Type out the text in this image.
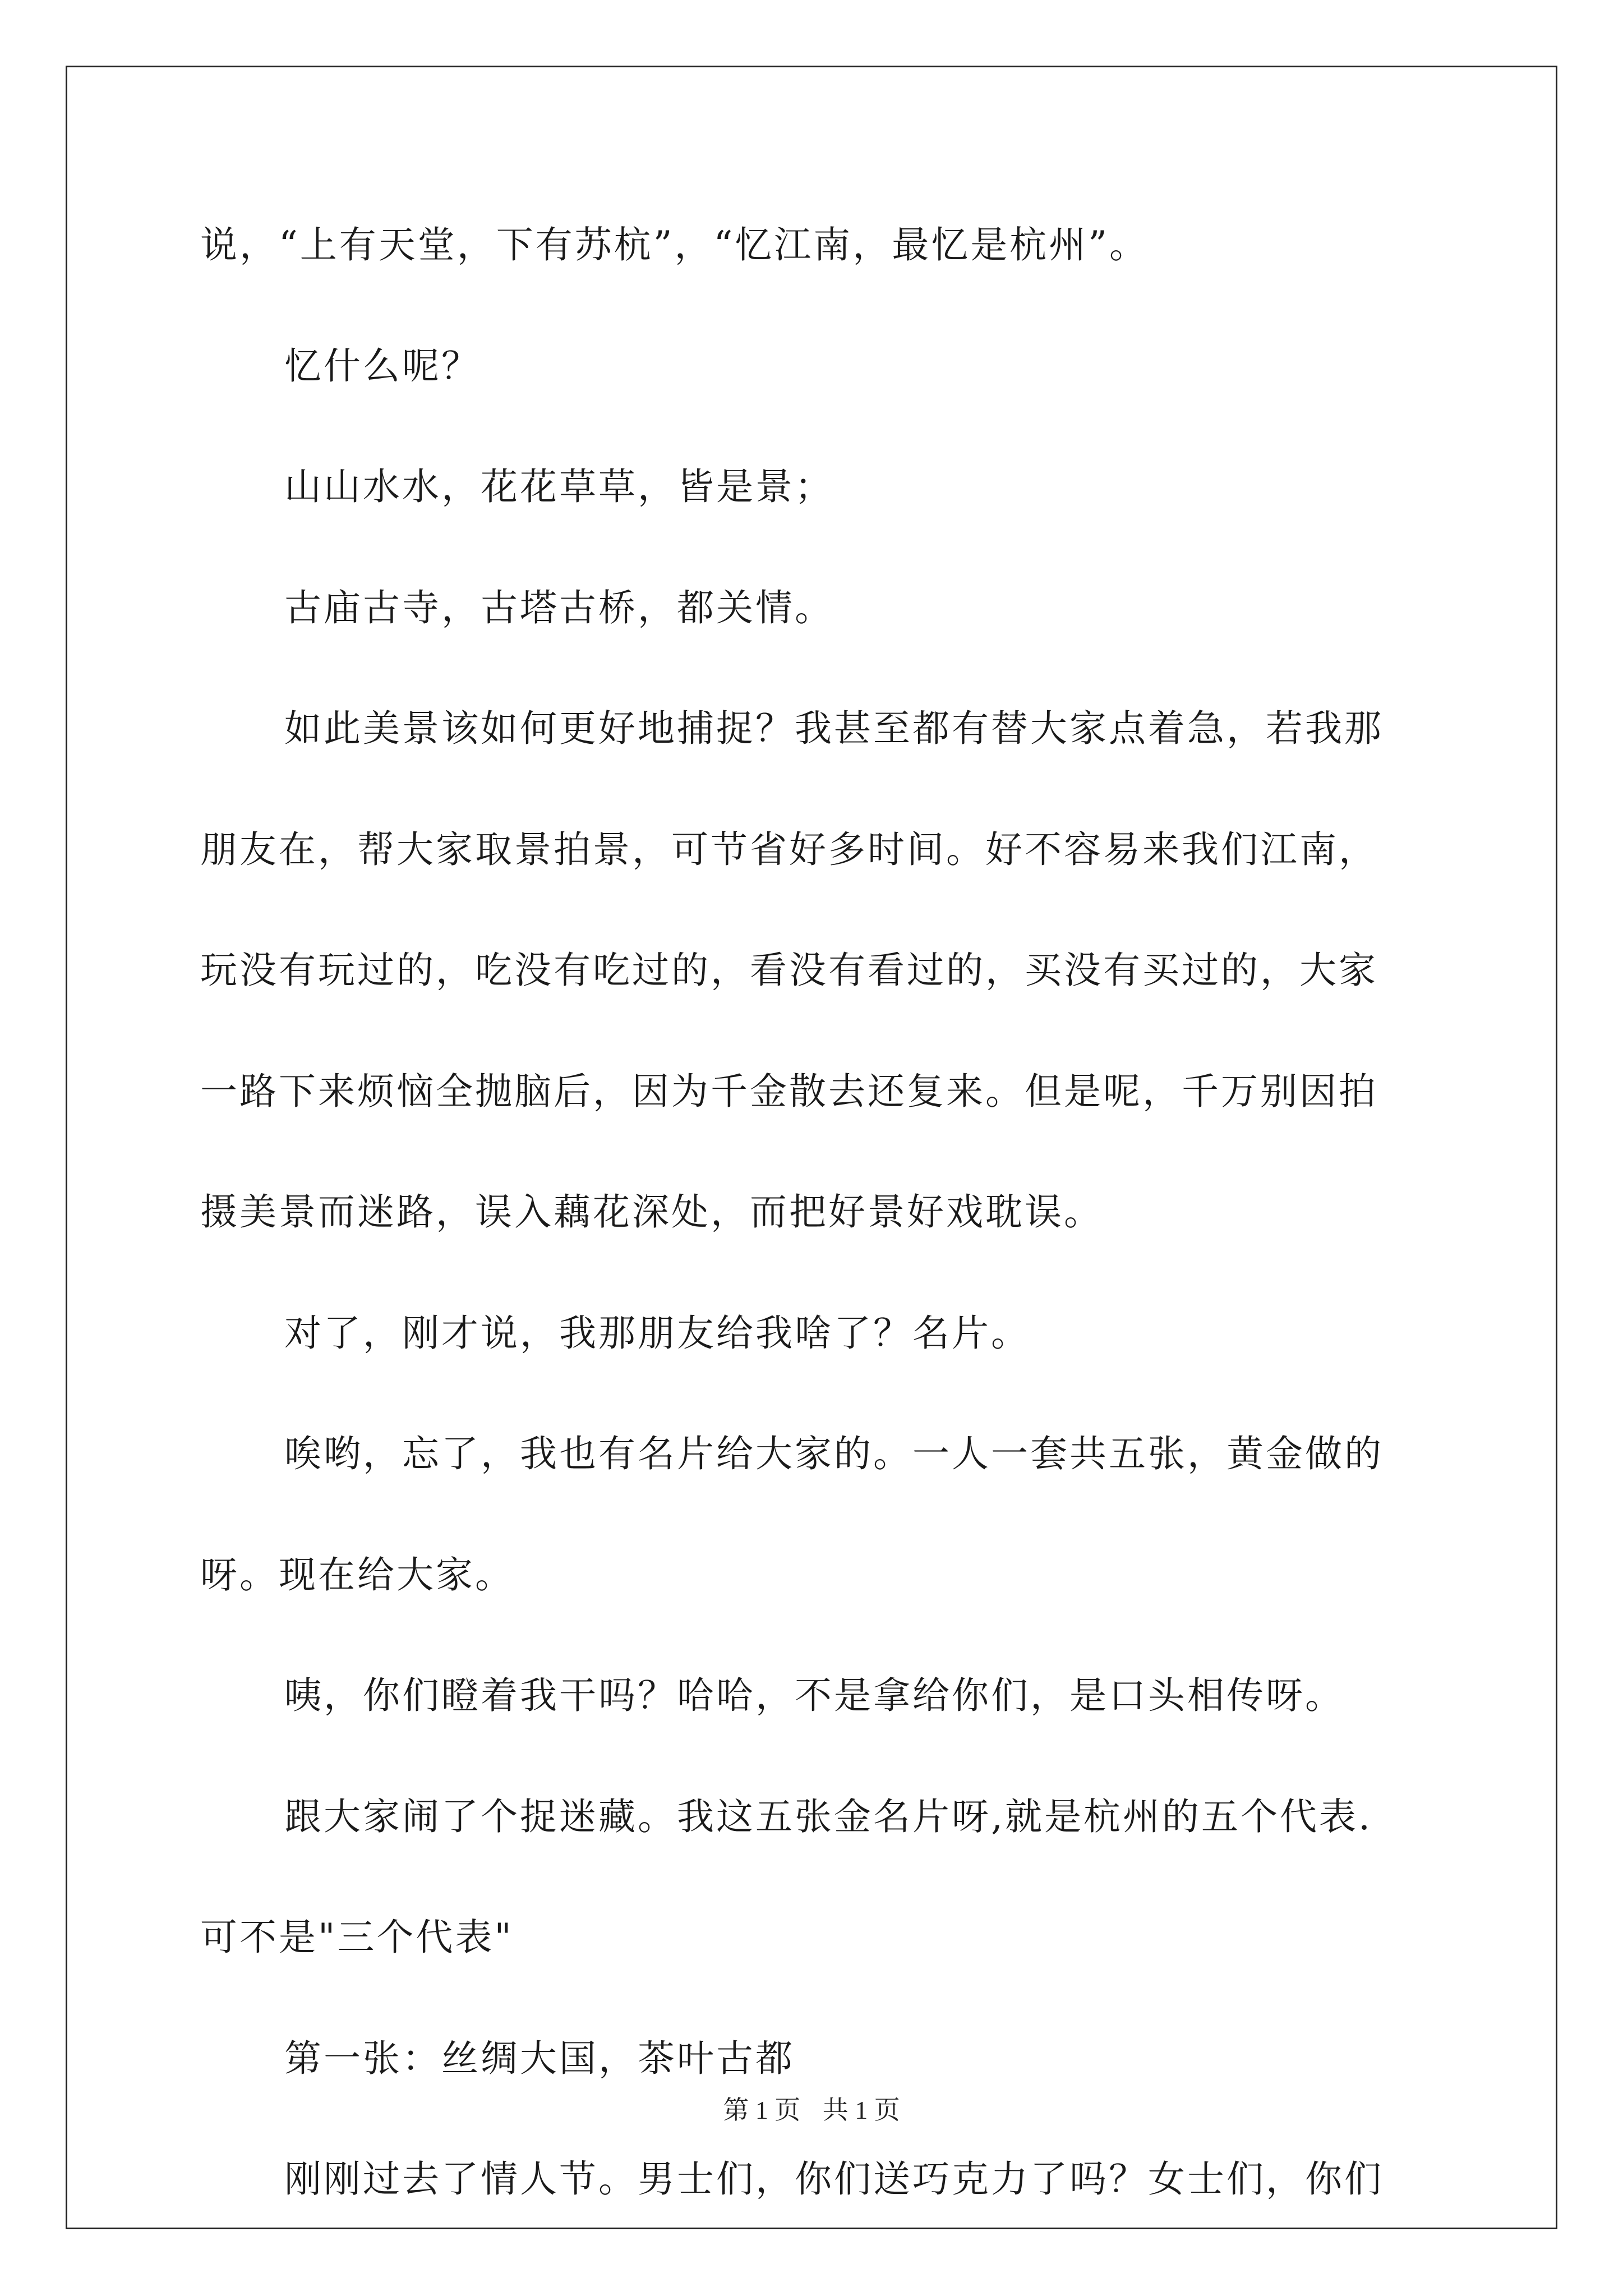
说，“上有天堂，下有苏杭”，“忆江南，最忆是杭州”。
忆什么呢？
山山水水，花花草草，皆是景；
古庙古寺，古塔古桥，都关情。
如此美景该如何更好地捕捉？我甚至都有替大家点着急，若我那
朋友在，帮大家取景拍景，可节省好多时间。好不容易来我们江南，
玩没有玩过的，吃没有吃过的，看没有看过的，买没有买过的，大家
一路下来烦恼全抛脑后，因为千金散去还复来。但是呢，千万别因拍
摄美景而迷路，误入藕花深处，而把好景好戏耽误。
对了，刚才说，我那朋友给我啥了？名片。
唉哟，忘了，我也有名片给大家的。一人一套共五张，黄金做的
呀。现在给大家。
咦，你们瞪着我干吗？哈哈，不是拿给你们，是口头相传呀。
跟大家闹了个捉迷藏。我这五张金名片呀,就是杭州的五个代表.
可不是"三个代表"
第一张：丝绸大国，茶叶古都
刚刚过去了情人节。男士们，你们送巧克力了吗？女士们，你们
第 1 页 共 1 页
